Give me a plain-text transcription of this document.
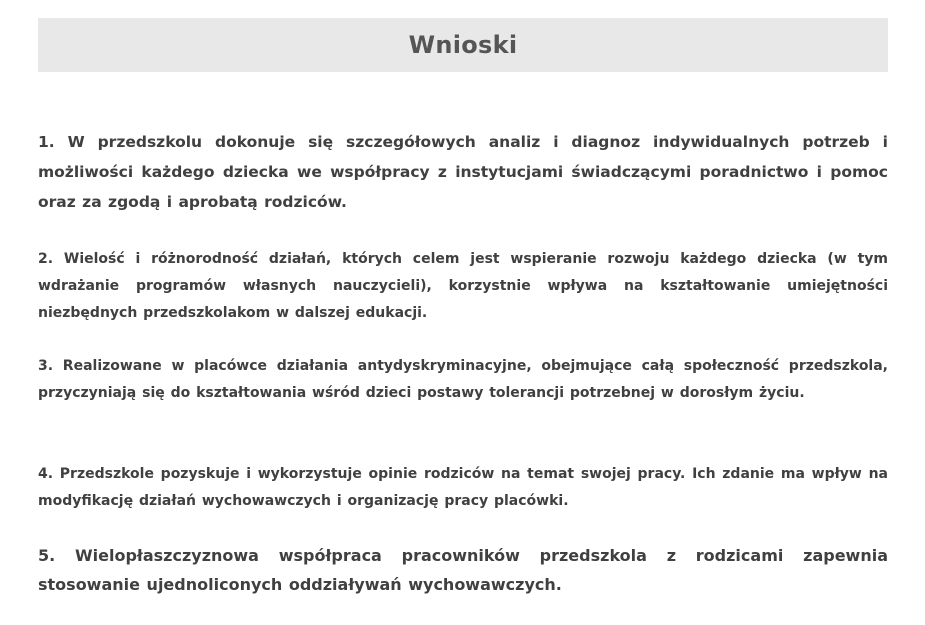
Wnioski

1. W przedszkolu dokonuje się szczegółowych analiz i diagnoz indywidualnych potrzeb i możliwości każdego dziecka we współpracy z instytucjami świadczącymi poradnictwo i pomoc oraz za zgodą i aprobatą rodziców.

2. Wielość i różnorodność działań, których celem jest wspieranie rozwoju każdego dziecka (w tym wdrażanie programów własnych nauczycieli), korzystnie wpływa na kształtowanie umiejętności niezbędnych przedszkolakom w dalszej edukacji.

3. Realizowane w placówce działania antydyskryminacyjne, obejmujące całą społeczność przedszkola, przyczyniają się do kształtowania wśród dzieci postawy tolerancji potrzebnej w dorosłym życiu.

4. Przedszkole pozyskuje i wykorzystuje opinie rodziców na temat swojej pracy. Ich zdanie ma wpływ na modyfikację działań wychowawczych i organizację pracy placówki.

5. Wielopłaszczyznowa współpraca pracowników przedszkola z rodzicami zapewnia stosowanie ujednoliconych oddziaływań wychowawczych.
